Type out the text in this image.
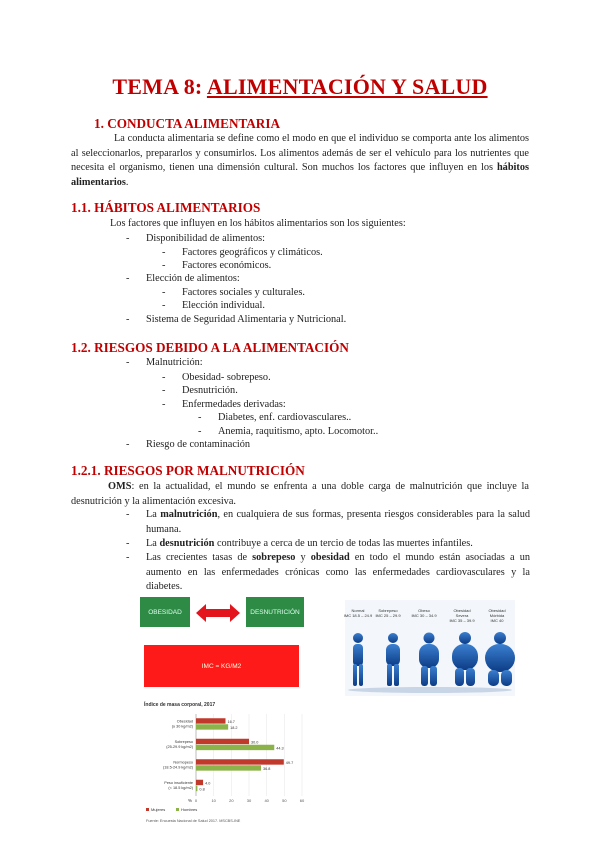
TEMA 8: ALIMENTACIÓN Y SALUD
1. CONDUCTA ALIMENTARIA

La conducta alimentaria se define como el modo en que el individuo se comporta ante los alimentos al seleccionarlos, prepararlos y consumirlos. Los alimentos además de ser el vehículo para los nutrientes que necesita el organismo, tienen una dimensión cultural. Son muchos los factores que influyen en los hábitos alimentarios.

1.1. HÁBITOS ALIMENTARIOS
Los factores que influyen en los hábitos alimentarios son los siguientes:
- Disponibilidad de alimentos:
- Factores geográficos y climáticos.
- Factores económicos.
- Elección de alimentos:
- Factores sociales y culturales.
- Elección individual.
- Sistema de Seguridad Alimentaria y Nutricional.
1.2. RIESGOS DEBIDO A LA ALIMENTACIÓN
- Malnutrición:
- Obesidad- sobrepeso.
- Desnutrición.
- Enfermedades derivadas:
- Diabetes, enf. cardiovasculares..
- Anemia, raquitismo, apto. Locomotor..
- Riesgo de contaminación
1.2.1. RIESGOS POR MALNUTRICIÓN

OMS: en la actualidad, el mundo se enfrenta a una doble carga de malnutrición que incluye la desnutrición y la alimentación excesiva.

-	La malnutrición, en cualquiera de sus formas, presenta riesgos considerables para la salud humana.
-	La desnutrición contribuye a cerca de un tercio de todas las muertes infantiles.
-	Las crecientes tasas de sobrepeso y obesidad en todo el mundo están asociadas a un aumento en las enfermedades crónicas como las enfermedades cardiovasculares y la diabetes.
OBESIDAD	DESNUTRICIÓN
IMC = KG/M2
Normal
IMC 18.5 – 24.9
Sobrepeso
IMC 25 – 29.9
Obeso
IMC 30 – 34.9
Obesidad Severa
IMC 35 – 39.9
Obesidad Mórbida
IMC 40
Índice de masa corporal, 2017
0	10	20	30	40	50	60
%
Obesidad
(≥ 30 kg/m2)
16.7
18.2
Sobrepeso
(25-29.9 kg/m2)
30.0
44.3
Normopeso
(18.5-24.9 kg/m2)
49.7
36.8
Peso insuficiente
(< 18.5 kg/m2)
4.0
0.8
Mujeres	Hombres
Fuente: Encuesta Nacional de Salud 2017. MSCBS-INE
